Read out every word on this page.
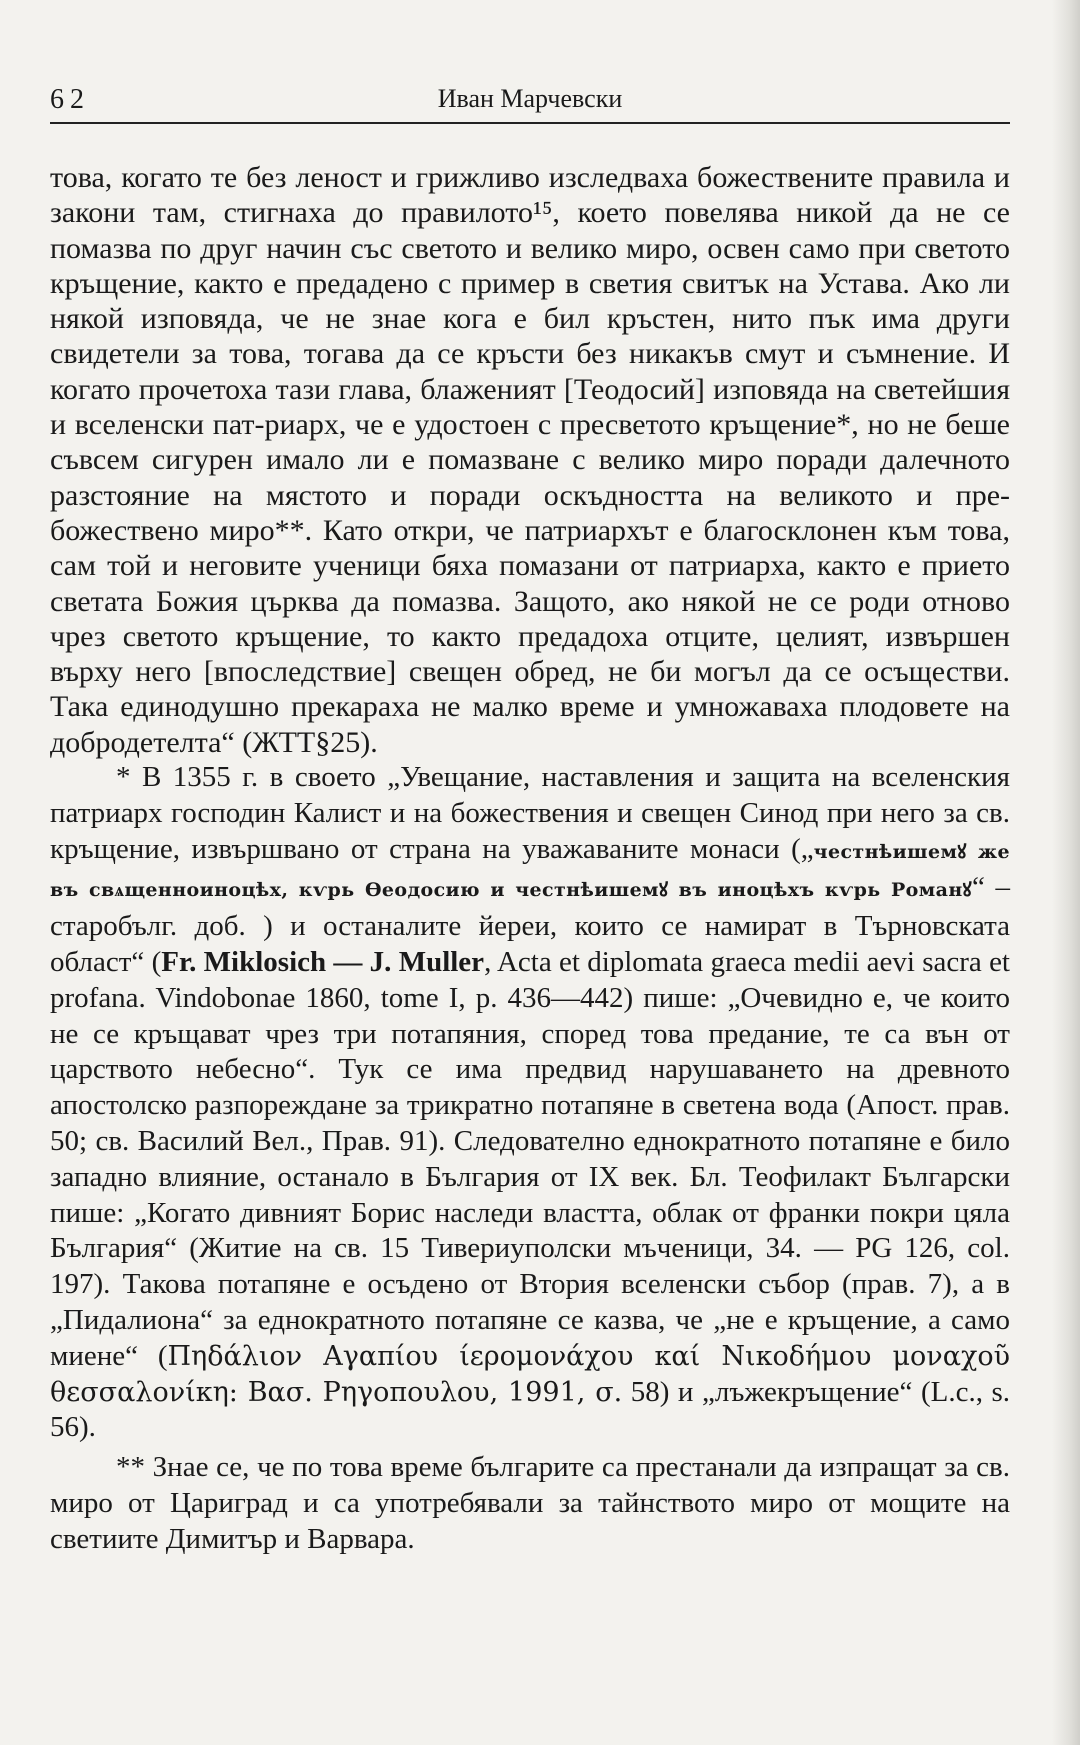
62	Иван Марчевски

това, когато те без леност и грижливо изследваха божествените правила и закони там, стигнаха до правилото¹⁵, което повелява никой да не се помазва по друг начин със светото и велико миро, освен само при светото кръщение, както е предадено с пример в светия свитък на Устава. Ако ли някой изповяда, че не знае кога е бил кръстен, нито пък има други свидетели за това, тогава да се кръсти без никакъв смут и съмнение. И когато прочетоха тази глава, блаженият [Теодосий] изповяда на светейшия и вселенски пат-риарх, че е удостоен с пресветото кръщение*, но не беше съвсем сигурен имало ли е помазване с велико миро поради далечното разстояние на мястото и поради оскъдността на великото и пре-божествено миро**. Като откри, че патриархът е благосклонен към това, сам той и неговите ученици бяха помазани от патриарха, както е прието светата Божия църква да помазва. Защото, ако някой не се роди отново чрез светото кръщение, то както предадоха отците, целият, извършен върху него [впоследствие] свещен обред, не би могъл да се осъществи. Така единодушно прекараха не малко време и умножаваха плодовете на добродетелта“ (ЖТТ§25).

* В 1355 г. в своето „Увещание, наставления и защита на вселенския патриарх господин Калист и на божествения и свещен Синод при него за св. кръщение, извършвано от страна на уважаваните монаси („честнѣишемꙋ же въ свѧщенноиноцѣх, кѵрь Ѳеодосию и честнѣишемꙋ въ иноцѣхъ кѵрь Романꙋ“ – старобълг. доб. ) и останалите йереи, които се намират в Търновската област“ (Fr. Miklosich — J. Muller, Acta et diplomata graeca medii aevi sacra et profana. Vindobonae 1860, tome I, p. 436—442) пише: „Очевидно е, че които не се кръщават чрез три потапяния, според това предание, те са вън от царството небесно“. Тук се има предвид нарушаването на древното апостолско разпореждане за трикратно потапяне в светена вода (Апост. прав. 50; св. Василий Вел., Прав. 91). Следователно еднократното потапяне е било западно влияние, останало в България от IX век. Бл. Теофилакт Български пише: „Когато дивният Борис наследи властта, облак от франки покри цяла България“ (Житие на св. 15 Тивериуполски мъченици, 34. — PG 126, col. 197). Такова потапяне е осъдено от Втория вселенски събор (прав. 7), а в „Пидалиона“ за еднократното потапяне се казва, че „не е кръщение, а само миене“ (Πηδάλιον Αγαπίου ίερομονάχου καί Νικοδήμου μοναχοῦ θεσσαλονίκη: Βασ. Ρηγοπουλου, 1991, σ. 58) и „лъжекръщение“ (L.c., s. 56).

** Знае се, че по това време българите са престанали да изпращат за св. миро от Цариград и са употребявали за тайнството миро от мощите на светиите Димитър и Варвара.
